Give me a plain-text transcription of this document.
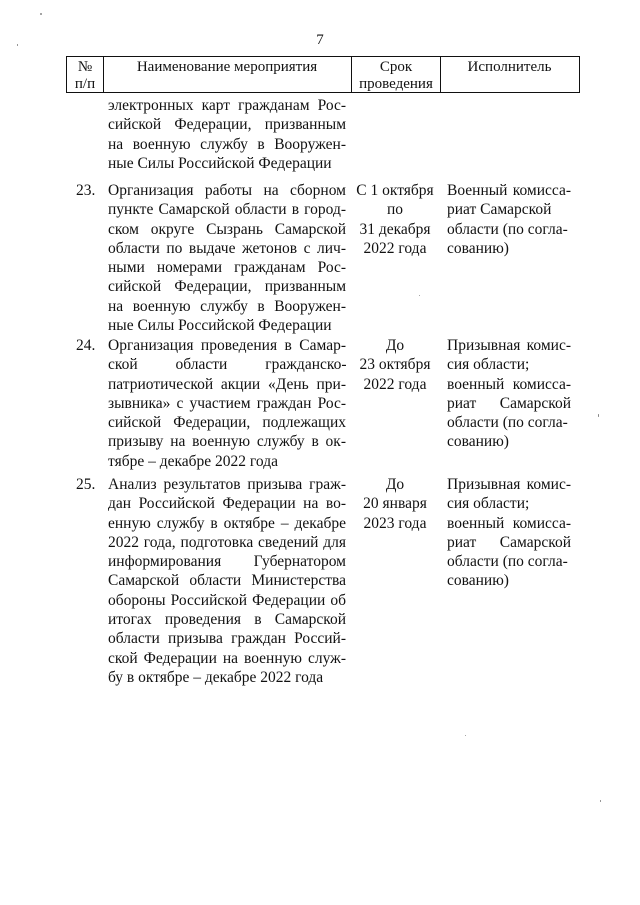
7
№
п/п
Наименование мероприятия	Срок
проведения
Исполнитель
электронных карт гражданам Рос-
сийской Федерации, призванным
на военную службу в Вооружен-
ные Силы Российской Федерации
23. Организация работы на сборном
пункте Самарской области в город-
ском округе Сызрань Самарской
области по выдаче жетонов с лич-
ными номерами гражданам Рос-
сийской Федерации, призванным
на военную службу в Вооружен-
ные Силы Российской Федерации
С 1 октября
по
31 декабря
2022 года
Военный комисса-
риат Самарской
области (по согла-
сованию)
24. Организация проведения в Самар-
ской области гражданско-
патриотической акции «День при-
зывника» с участием граждан Рос-
сийской Федерации, подлежащих
призыву на военную службу в ок-
тябре – декабре 2022 года
До
23 октября
2022 года
Призывная комис-
сия области;
военный комисса-
риат Самарской
области (по согла-
сованию)
25. Анализ результатов призыва граж-
дан Российской Федерации на во-
енную службу в октябре – декабре
2022 года, подготовка сведений для
информирования Губернатором
Самарской области Министерства
обороны Российской Федерации об
итогах проведения в Самарской
области призыва граждан Россий-
ской Федерации на военную служ-
бу в октябре – декабре 2022 года
До
20 января
2023 года
Призывная комис-
сия области;
военный комисса-
риат Самарской
области (по согла-
сованию)
